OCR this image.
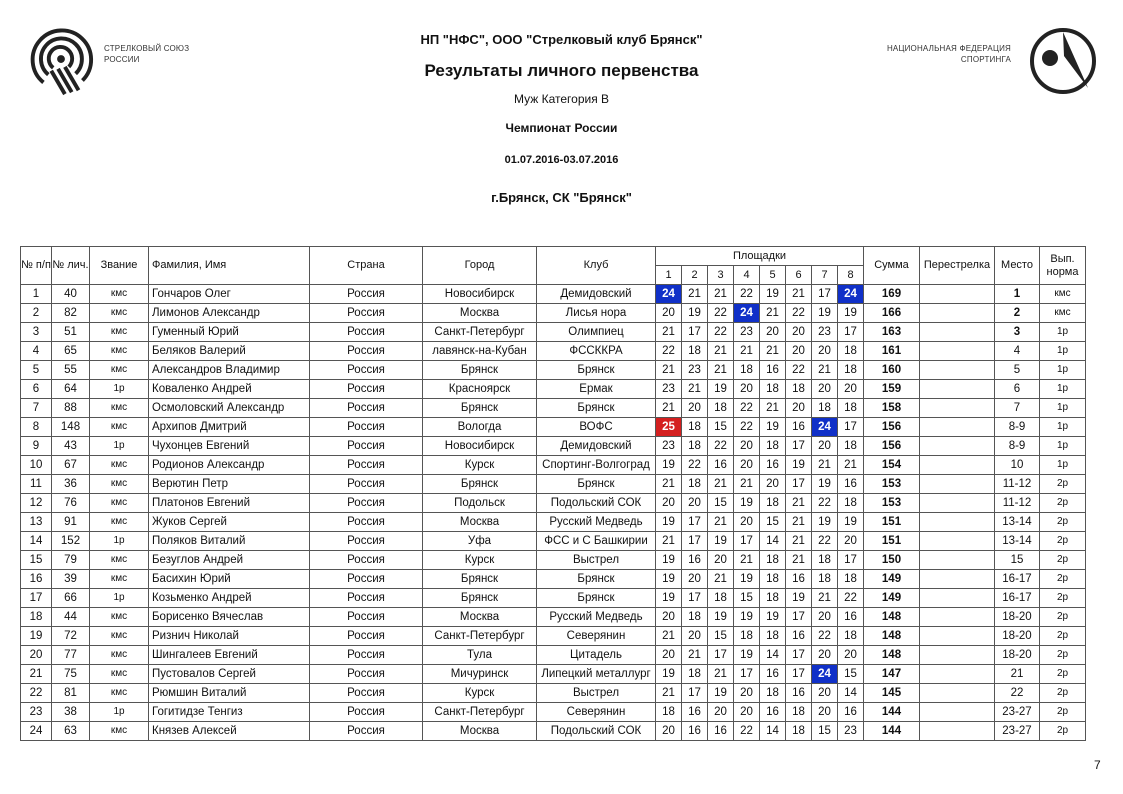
СТРЕЛКОВЫЙ СОЮЗ
РОССИИ
НАЦИОНАЛЬНАЯ ФЕДЕРАЦИЯ
СПОРТИНГА
НП "НФС", ООО "Стрелковый клуб Брянск"
Результаты личного первенства
Муж Категория В
Чемпионат России
01.07.2016-03.07.2016
г.Брянск, СК "Брянск"
№ п/п	№ лич.	Звание	Фамилия, Имя	Страна	Город	Клуб	Площадки								Сумма	Перестрелка	Место	Вып. норма
							1	2	3	4	5	6	7	8				
1	40	кмс	Гончаров Олег	Россия	Новосибирск	Демидовский	24	21	21	22	19	21	17	24	169		1	кмс
2	82	кмс	Лимонов Александр	Россия	Москва	Лисья нора	20	19	22	24	21	22	19	19	166		2	кмс
3	51	кмс	Гуменный Юрий	Россия	Санкт-Петербург	Олимпиец	21	17	22	23	20	20	23	17	163		3	1р
4	65	кмс	Беляков Валерий	Россия	лавянск-на-Кубан	ФССККРА	22	18	21	21	21	20	20	18	161		4	1р
5	55	кмс	Александров Владимир	Россия	Брянск	Брянск	21	23	21	18	16	22	21	18	160		5	1р
6	64	1р	Коваленко Андрей	Россия	Красноярск	Ермак	23	21	19	20	18	18	20	20	159		6	1р
7	88	кмс	Осмоловский Александр	Россия	Брянск	Брянск	21	20	18	22	21	20	18	18	158		7	1р
8	148	кмс	Архипов Дмитрий	Россия	Вологда	ВОФС	25	18	15	22	19	16	24	17	156		8-9	1р
9	43	1р	Чухонцев Евгений	Россия	Новосибирск	Демидовский	23	18	22	20	18	17	20	18	156		8-9	1р
10	67	кмс	Родионов Александр	Россия	Курск	Спортинг-Волгоград	19	22	16	20	16	19	21	21	154		10	1р
11	36	кмс	Верютин Петр	Россия	Брянск	Брянск	21	18	21	21	20	17	19	16	153		11-12	2р
12	76	кмс	Платонов Евгений	Россия	Подольск	Подольский СОК	20	20	15	19	18	21	22	18	153		11-12	2р
13	91	кмс	Жуков Сергей	Россия	Москва	Русский Медведь	19	17	21	20	15	21	19	19	151		13-14	2р
14	152	1р	Поляков Виталий	Россия	Уфа	ФСС и С Башкирии	21	17	19	17	14	21	22	20	151		13-14	2р
15	79	кмс	Безуглов Андрей	Россия	Курск	Выстрел	19	16	20	21	18	21	18	17	150		15	2р
16	39	кмс	Басихин Юрий	Россия	Брянск	Брянск	19	20	21	19	18	16	18	18	149		16-17	2р
17	66	1р	Козьменко Андрей	Россия	Брянск	Брянск	19	17	18	15	18	19	21	22	149		16-17	2р
18	44	кмс	Борисенко Вячеслав	Россия	Москва	Русский Медведь	20	18	19	19	19	17	20	16	148		18-20	2р
19	72	кмс	Ризнич Николай	Россия	Санкт-Петербург	Северянин	21	20	15	18	18	16	22	18	148		18-20	2р
20	77	кмс	Шингалеев Евгений	Россия	Тула	Цитадель	20	21	17	19	14	17	20	20	148		18-20	2р
21	75	кмс	Пустовалов Сергей	Россия	Мичуринск	Липецкий металлург	19	18	21	17	16	17	24	15	147		21	2р
22	81	кмс	Рюмшин Виталий	Россия	Курск	Выстрел	21	17	19	20	18	16	20	14	145		22	2р
23	38	1р	Гогитидзе Тенгиз	Россия	Санкт-Петербург	Северянин	18	16	20	20	16	18	20	16	144		23-27	2р
24	63	кмс	Князев Алексей	Россия	Москва	Подольский СОК	20	16	16	22	14	18	15	23	144		23-27	2р
7
